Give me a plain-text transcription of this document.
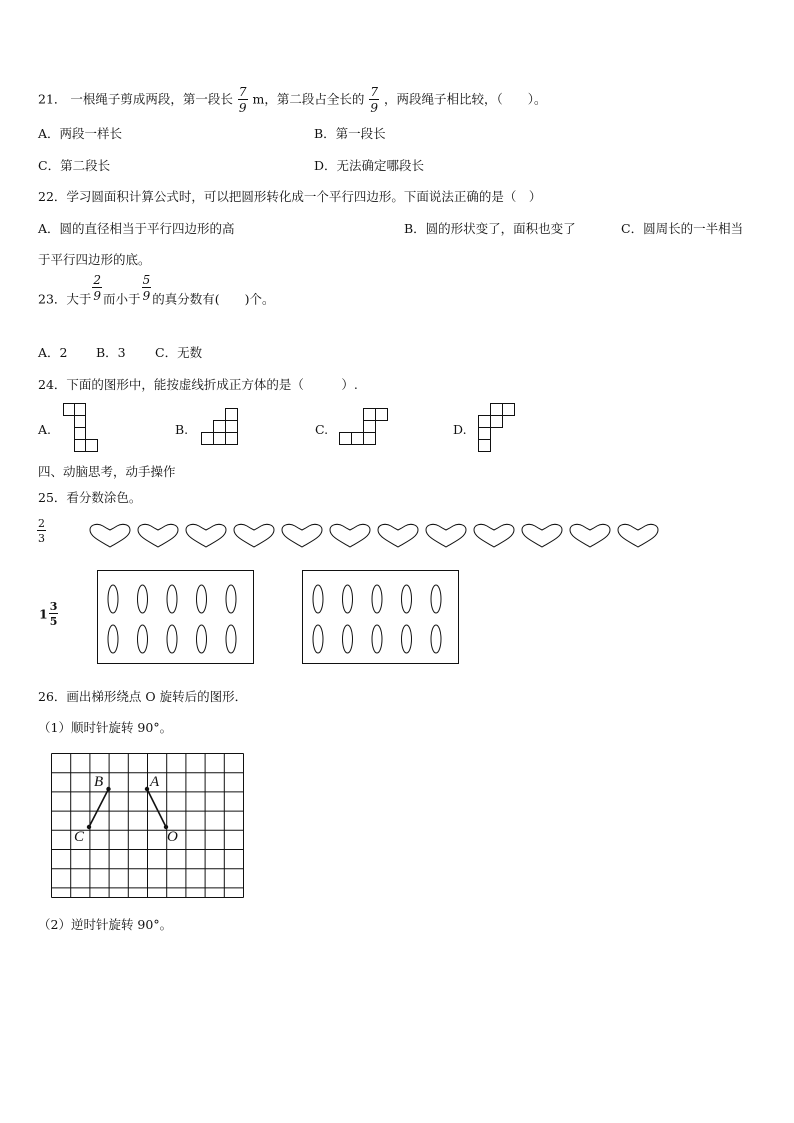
21． 一根绳子剪成两段，第一段长 $\frac{7}{9}$ m，第二段占全长的 $\frac{7}{9}$ ，两段绳子相比较，（　　）。
A．两段一样长	B．第一段长
C．第二段长	D．无法确定哪段长
22．学习圆面积计算公式时，可以把圆形转化成一个平行四边形。下面说法正确的是（　）
A．圆的直径相当于平行四边形的高	B．圆的形状变了，面积也变了	C．圆周长的一半相当
于平行四边形的底。
23．大于 $\frac{2}{9}$ 而小于 $\frac{5}{9}$ 的真分数有(　　)个。
A．2 B．3 C．无数
24．下面的图形中，能按虚线折成正方体的是（　　　）.
A.	B.	C.	D.
四、动脑思考，动手操作
25．看分数涂色。
$\frac{2}{3}$
$1 \frac{3}{5}$
26．画出梯形绕点 O 旋转后的图形．
（1）顺时针旋转 90°。
B	A
C	O
（2）逆时针旋转 90°。
